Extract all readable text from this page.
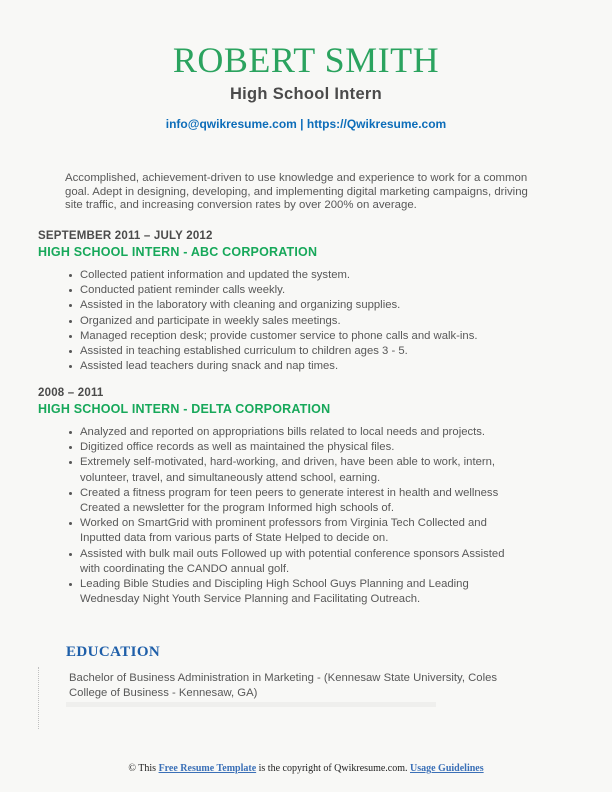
ROBERT SMITH
High School Intern
info@qwikresume.com | https://Qwikresume.com

Accomplished, achievement-driven to use knowledge and experience to work for a common goal. Adept in designing, developing, and implementing digital marketing campaigns, driving site traffic, and increasing conversion rates by over 200% on average.

SEPTEMBER 2011 – JULY 2012
HIGH SCHOOL INTERN - ABC CORPORATION
Collected patient information and updated the system.
Conducted patient reminder calls weekly.
Assisted in the laboratory with cleaning and organizing supplies.
Organized and participate in weekly sales meetings.
Managed reception desk; provide customer service to phone calls and walk-ins.
Assisted in teaching established curriculum to children ages 3 - 5.
Assisted lead teachers during snack and nap times.
2008 – 2011
HIGH SCHOOL INTERN - DELTA CORPORATION
Analyzed and reported on appropriations bills related to local needs and projects.
Digitized office records as well as maintained the physical files.
Extremely self-motivated, hard-working, and driven, have been able to work, intern, volunteer, travel, and simultaneously attend school, earning.
Created a fitness program for teen peers to generate interest in health and wellness Created a newsletter for the program Informed high schools of.
Worked on SmartGrid with prominent professors from Virginia Tech Collected and Inputted data from various parts of State Helped to decide on.
Assisted with bulk mail outs Followed up with potential conference sponsors Assisted with coordinating the CANDO annual golf.
Leading Bible Studies and Discipling High School Guys Planning and Leading Wednesday Night Youth Service Planning and Facilitating Outreach.
EDUCATION
Bachelor of Business Administration in Marketing - (Kennesaw State University, Coles College of Business - Kennesaw, GA)
© This Free Resume Template is the copyright of Qwikresume.com. Usage Guidelines
